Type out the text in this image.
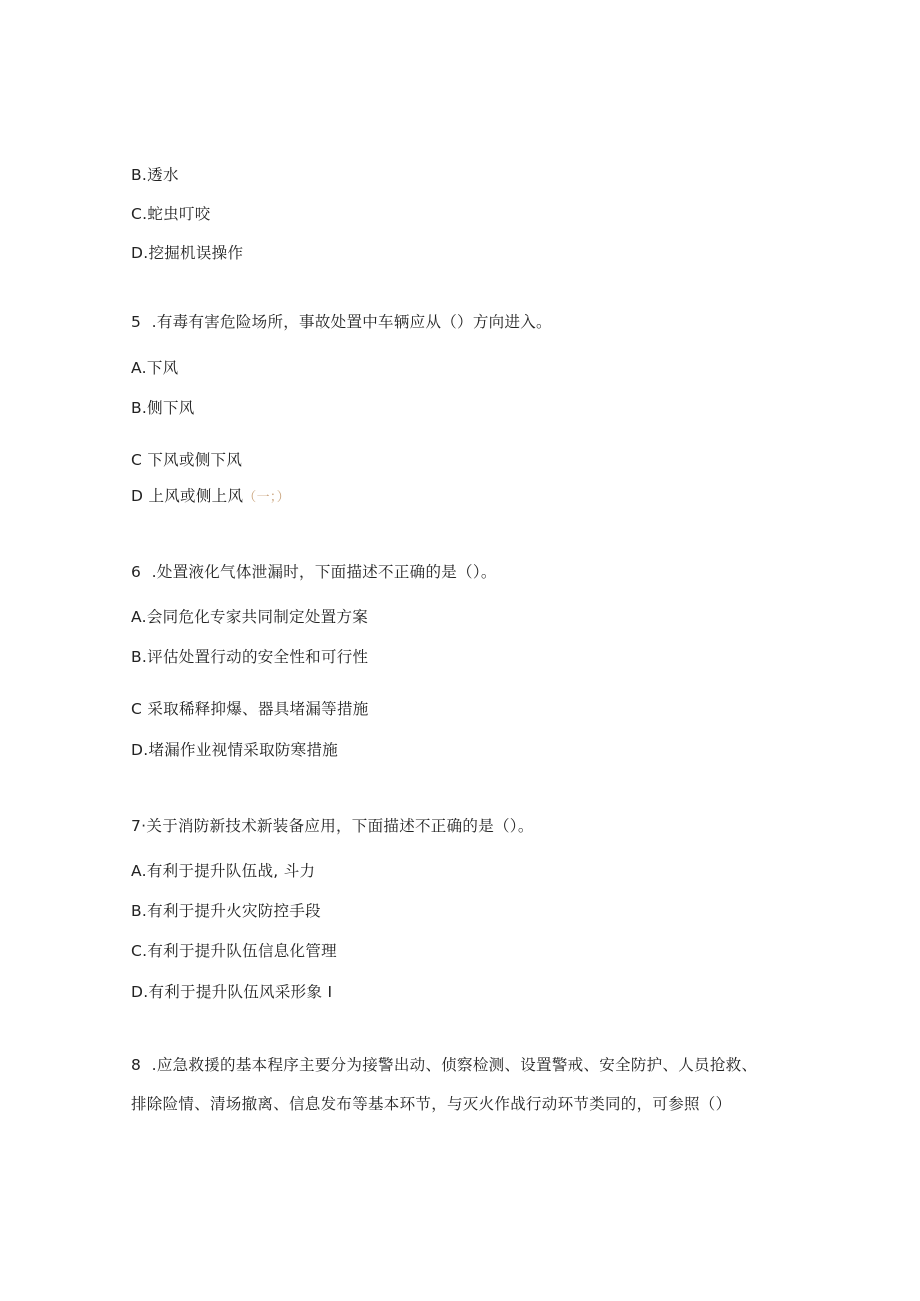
B.透水
C.蛇虫叮咬
D.挖掘机误操作
5  .有毒有害危险场所，事故处置中车辆应从（）方向进入。
A.下风
B.侧下风
C 下风或侧下风
D 上风或侧上风（一；）
6  .处置液化气体泄漏时，下面描述不正确的是（）。
A.会同危化专家共同制定处置方案
B.评估处置行动的安全性和可行性
C 采取稀释抑爆、器具堵漏等措施
D.堵漏作业视情采取防寒措施
7·关于消防新技术新装备应用，下面描述不正确的是（）。
A.有利于提升队伍战, 斗力
B.有利于提升火灾防控手段
C.有利于提升队伍信息化管理
D.有利于提升队伍风采形象 I
8  .应急救援的基本程序主要分为接警出动、侦察检测、设置警戒、安全防护、人员抢救、
排除险情、清场撤离、信息发布等基本环节，与灭火作战行动环节类同的，可参照（）
